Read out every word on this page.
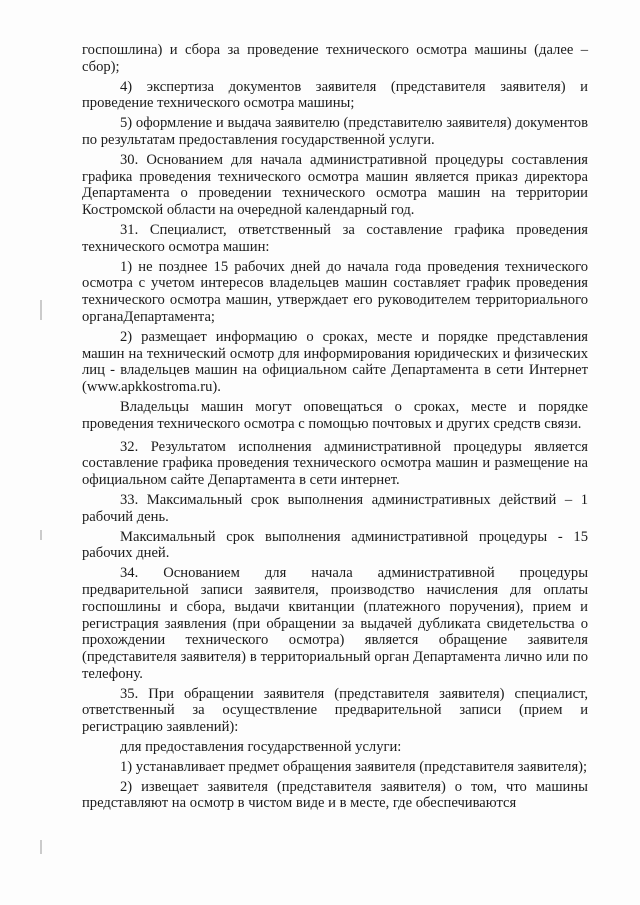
госпошлина) и сбора за проведение технического осмотра машины (далее – сбор);

4) экспертиза документов заявителя (представителя заявителя) и проведение технического осмотра машины;

5) оформление и выдача заявителю (представителю заявителя) документов по результатам предоставления государственной услуги.

30. Основанием для начала административной процедуры составления графика проведения технического осмотра машин является приказ директора Департамента о проведении технического осмотра машин на территории Костромской области на очередной календарный год.

31. Специалист, ответственный за составление графика проведения технического осмотра машин:

1) не позднее 15 рабочих дней до начала года проведения технического осмотра с учетом интересов владельцев машин составляет график проведения технического осмотра машин, утверждает его руководителем территориального органаДепартамента;

2) размещает информацию о сроках, месте и порядке представления машин на технический осмотр для информирования юридических и физических лиц - владельцев машин на официальном сайте Департамента в сети Интернет (www.apkkostroma.ru).

Владельцы машин могут оповещаться о сроках, месте и порядке проведения технического осмотра с помощью почтовых и других средств связи.

32. Результатом исполнения административной процедуры является составление графика проведения технического осмотра машин и размещение на официальном сайте Департамента в сети интернет.

33. Максимальный срок выполнения административных действий – 1 рабочий день.

Максимальный срок выполнения административной процедуры - 15 рабочих дней.

34. Основанием для начала административной процедуры предварительной записи заявителя, производство начисления для оплаты госпошлины и сбора, выдачи квитанции (платежного поручения), прием и регистрация заявления (при обращении за выдачей дубликата свидетельства о прохождении технического осмотра) является обращение заявителя (представителя заявителя) в территориальный орган Департамента лично или по телефону.

35. При обращении заявителя (представителя заявителя) специалист, ответственный за осуществление предварительной записи (прием и регистрацию заявлений):

для предоставления государственной услуги:

1) устанавливает предмет обращения заявителя (представителя заявителя);

2) извещает заявителя (представителя заявителя) о том, что машины представляют на осмотр в чистом виде и в месте, где обеспечиваются
